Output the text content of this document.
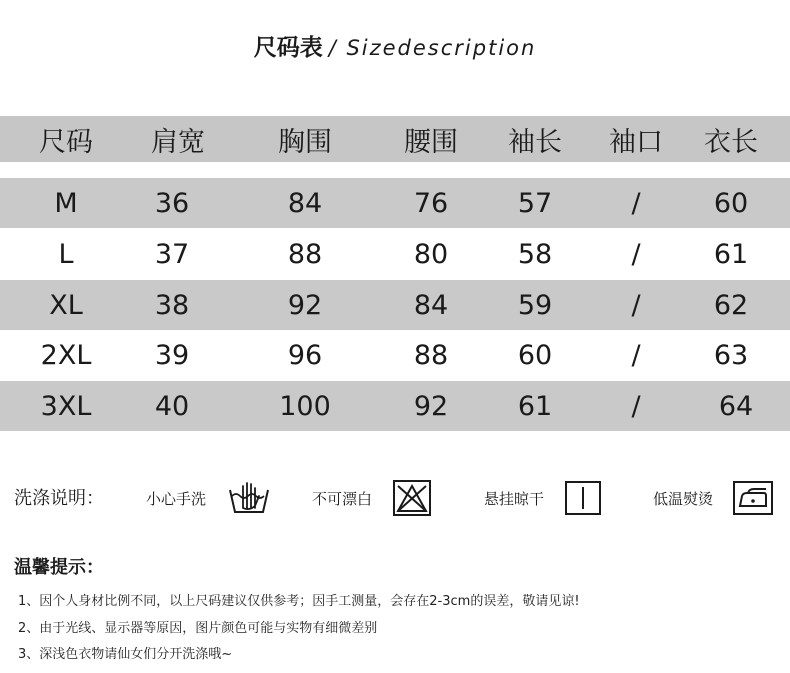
尺码表 / Sizedescription
尺码 肩宽	胸围	腰围 袖长 袖口 衣长
M	36	84	76	57	/	60
L	37	88	80	58	/	61
XL	38	92	84	59	/	62
2XL 39	96	88	60	/	63
3XL 40	100	92	61	/	64
洗涤说明：	小心手洗	不可漂白	悬挂晾干	低温熨烫
温馨提示：
1、因个人身材比例不同，以上尺码建议仅供参考；因手工测量，会存在2-3cm的误差，敬请见谅!
2、由于光线、显示器等原因，图片颜色可能与实物有细微差别
3、深浅色衣物请仙女们分开洗涤哦~
